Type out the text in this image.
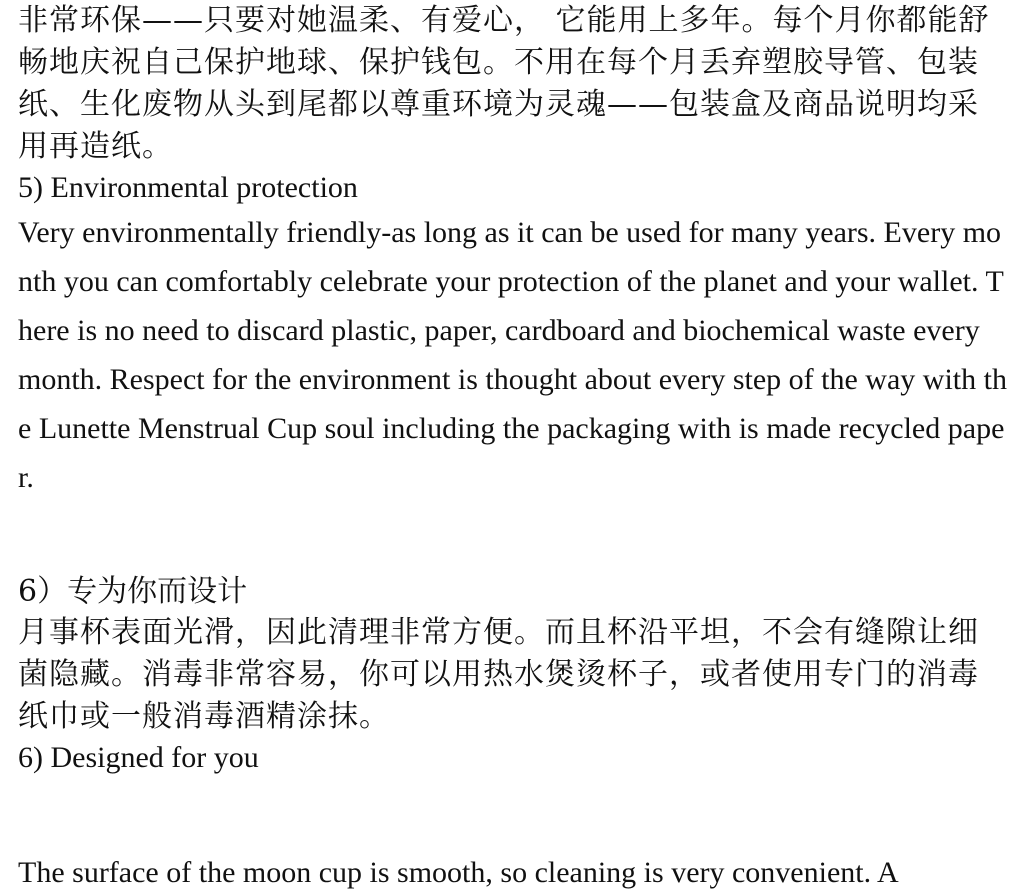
非常环保——只要对她温柔、有爱心， 它能用上多年。每个月你都能舒畅地庆祝自己保护地球、保护钱包。不用在每个月丢弃塑胶导管、包装纸、生化废物从头到尾都以尊重环境为灵魂——包装盒及商品说明均采用再造纸。

5) Environmental protection

Very environmentally friendly-as long as it can be used for many years. Every month you can comfortably celebrate your protection of the planet and your wallet. There is no need to discard plastic, paper, cardboard and biochemical waste every month. Respect for the environment is thought about every step of the way with the Lunette Menstrual Cup soul including the packaging with is made recycled paper.

6）专为你而设计

月事杯表面光滑，因此清理非常方便。而且杯沿平坦，不会有缝隙让细菌隐藏。消毒非常容易，你可以用热水煲烫杯子，或者使用专门的消毒纸巾或一般消毒酒精涂抹。

6) Designed for you

The surface of the moon cup is smooth, so cleaning is very convenient. A
